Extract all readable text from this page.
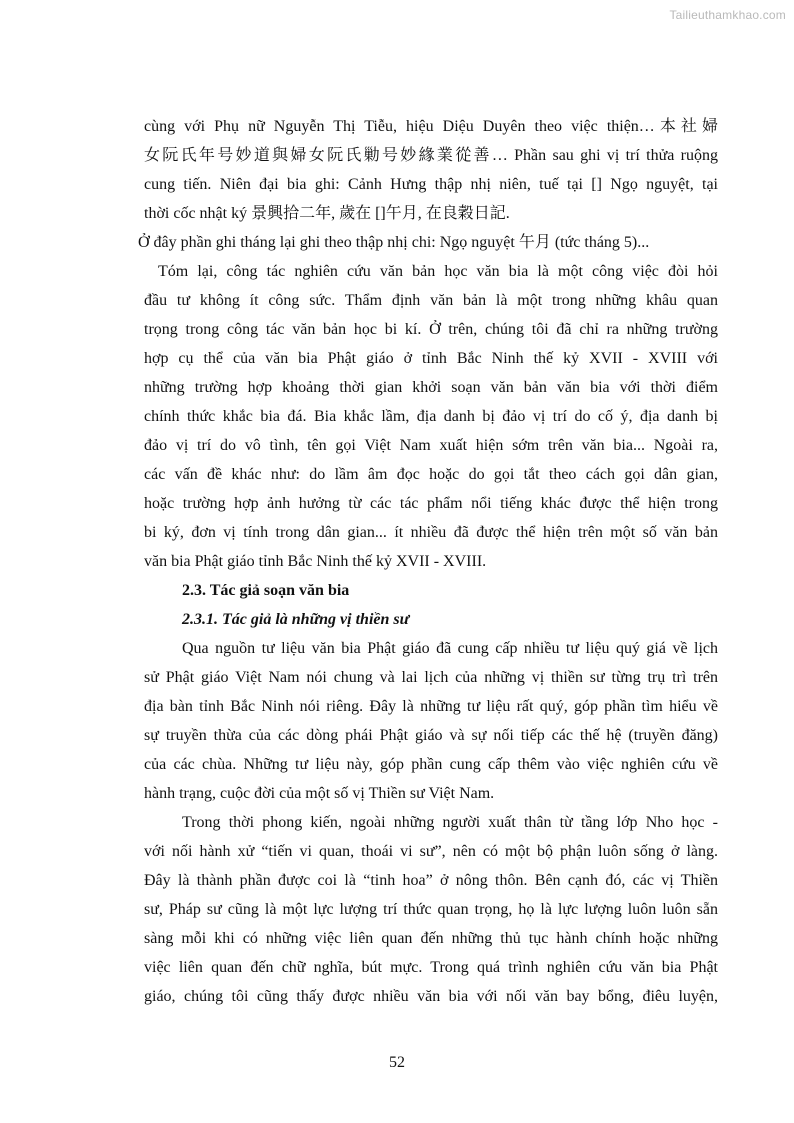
Tailieuthamkhao.com
cùng với Phụ nữ Nguyễn Thị Tiễu, hiệu Diệu Duyên theo việc thiện…本社婦
女阮氏年号妙道與婦女阮氏勦号妙緣業從善… Phần sau ghi vị trí thửa ruộng
cung tiến. Niên đại bia ghi: Cảnh Hưng thập nhị niên, tuế tại [] Ngọ nguyệt, tại
thời cốc nhật ký 景興拾二年, 歲在 []午月, 在良穀日記.
Ở đây phần ghi tháng lại ghi theo thập nhị chi: Ngọ nguyệt 午月 (tức tháng 5)...
Tóm lại, công tác nghiên cứu văn bản học văn bia là một công việc đòi hỏi
đầu tư không ít công sức. Thẩm định văn bản là một trong những khâu quan
trọng trong công tác văn bản học bi kí. Ở trên, chúng tôi đã chỉ ra những trường
hợp cụ thể của văn bia Phật giáo ở tỉnh Bắc Ninh thế kỷ XVII - XVIII với
những trường hợp khoảng thời gian khởi soạn văn bản văn bia với thời điểm
chính thức khắc bia đá. Bia khắc lầm, địa danh bị đảo vị trí do cố ý, địa danh bị
đảo vị trí do vô tình, tên gọi Việt Nam xuất hiện sớm trên văn bia... Ngoài ra,
các vấn đề khác như: do lầm âm đọc hoặc do gọi tắt theo cách gọi dân gian,
hoặc trường hợp ảnh hưởng từ các tác phẩm nổi tiếng khác được thể hiện trong
bi ký, đơn vị tính trong dân gian... ít nhiều đã được thể hiện trên một số văn bản
văn bia Phật giáo tỉnh Bắc Ninh thế kỷ XVII - XVIII.
2.3. Tác giả soạn văn bia
2.3.1. Tác giả là những vị thiền sư
Qua nguồn tư liệu văn bia Phật giáo đã cung cấp nhiều tư liệu quý giá về lịch
sử Phật giáo Việt Nam nói chung và lai lịch của những vị thiền sư từng trụ trì trên
địa bàn tỉnh Bắc Ninh nói riêng. Đây là những tư liệu rất quý, góp phần tìm hiểu về
sự truyền thừa của các dòng phái Phật giáo và sự nối tiếp các thế hệ (truyền đăng)
của các chùa. Những tư liệu này, góp phần cung cấp thêm vào việc nghiên cứu về
hành trạng, cuộc đời của một số vị Thiền sư Việt Nam.
Trong thời phong kiến, ngoài những người xuất thân từ tầng lớp Nho học -
với nối hành xử “tiến vi quan, thoái vi sư”, nên có một bộ phận luôn sống ở làng.
Đây là thành phần được coi là “tinh hoa” ở nông thôn. Bên cạnh đó, các vị Thiền
sư, Pháp sư cũng là một lực lượng trí thức quan trọng, họ là lực lượng luôn luôn sẵn
sàng mỗi khi có những việc liên quan đến những thủ tục hành chính hoặc những
việc liên quan đến chữ nghĩa, bút mực. Trong quá trình nghiên cứu văn bia Phật
giáo, chúng tôi cũng thấy được nhiều văn bia với nối văn bay bổng, điêu luyện,
52
